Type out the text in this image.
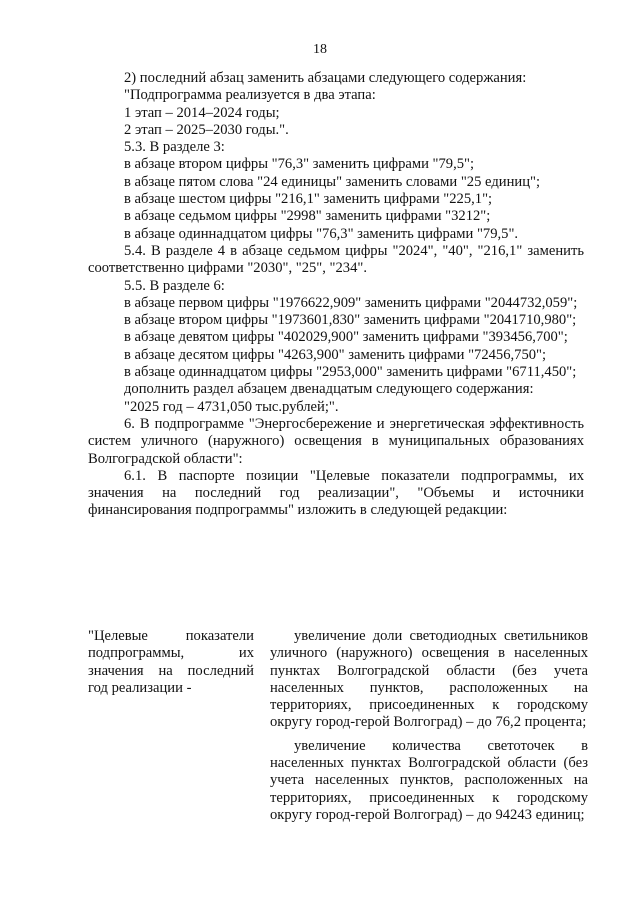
18

2) последний абзац заменить абзацами следующего содержания:

"Подпрограмма реализуется в два этапа:

1 этап – 2014–2024 годы;

2 этап – 2025–2030 годы.".

5.3. В разделе 3:

в абзаце втором цифры "76,3" заменить цифрами "79,5";

в абзаце пятом слова "24 единицы" заменить словами "25 единиц";

в абзаце шестом цифры "216,1" заменить цифрами "225,1";

в абзаце седьмом цифры "2998" заменить цифрами "3212";

в абзаце одиннадцатом цифры "76,3" заменить цифрами "79,5".

5.4. В разделе 4 в абзаце седьмом цифры "2024", "40", "216,1" заменить соответственно цифрами "2030", "25", "234".

5.5. В разделе 6:

в абзаце первом цифры "1976622,909" заменить цифрами "2044732,059";

в абзаце втором цифры "1973601,830" заменить цифрами "2041710,980";

в абзаце девятом цифры "402029,900" заменить цифрами "393456,700";

в абзаце десятом цифры "4263,900" заменить цифрами "72456,750";

в абзаце одиннадцатом цифры "2953,000" заменить цифрами "6711,450";

дополнить раздел абзацем двенадцатым следующего содержания:

"2025 год – 4731,050 тыс.рублей;".

6. В подпрограмме "Энергосбережение и энергетическая эффективность систем уличного (наружного) освещения в муниципальных образованиях Волгоградской области":

6.1. В паспорте позиции "Целевые показатели подпрограммы, их значения на последний год реализации", "Объемы и источники финансирования подпрограммы" изложить в следующей редакции:

"Целевые показатели подпрограммы, их значения на последний год реализации -

увеличение доли светодиодных светильников уличного (наружного) освещения в населенных пунктах Волгоградской области (без учета населенных пунктов, расположенных на территориях, присоединенных к городскому округу город-герой Волгоград) – до 76,2 процента;

увеличение количества светоточек в населенных пунктах Волгоградской области (без учета населенных пунктов, расположенных на территориях, присоединенных к городскому округу город-герой Волгоград) – до 94243 единиц;
